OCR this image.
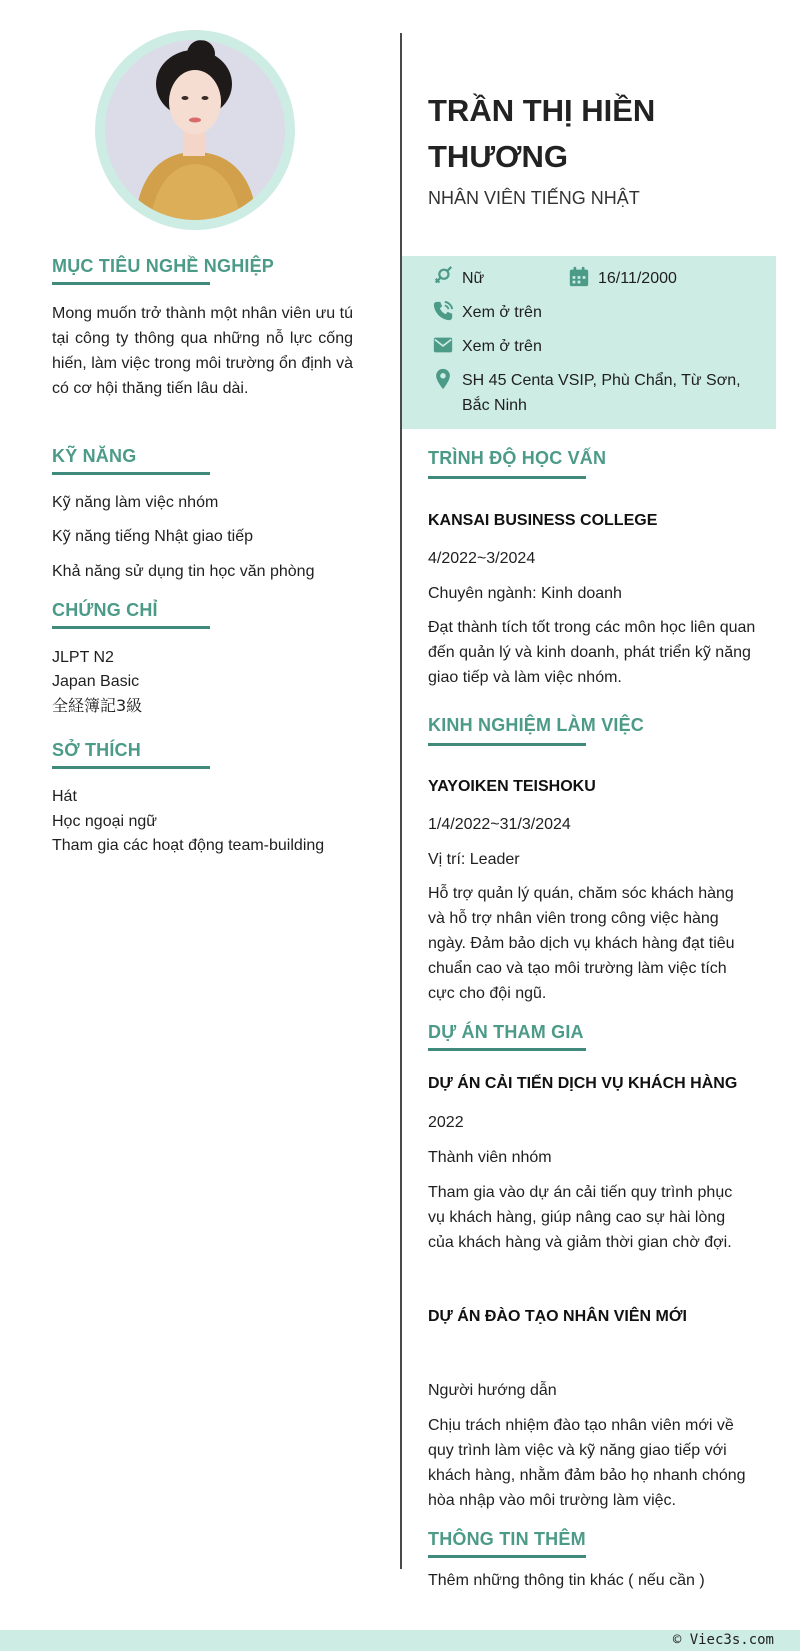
MỤC TIÊU NGHỀ NGHIỆP
Mong muốn trở thành một nhân viên ưu tú tại công ty thông qua những nỗ lực cống hiến, làm việc trong môi trường ổn định và có cơ hội thăng tiến lâu dài.
KỸ NĂNG
Kỹ năng làm việc nhóm
Kỹ năng tiếng Nhật giao tiếp
Khả năng sử dụng tin học văn phòng
CHỨNG CHỈ
JLPT N2
Japan Basic
全経簿記3級
SỞ THÍCH
Hát
Học ngoại ngữ
Tham gia các hoạt động team-building
TRẦN THỊ HIỀN THƯƠNG
NHÂN VIÊN TIẾNG NHẬT
Nữ	16/11/2000
Xem ở trên
Xem ở trên
SH 45 Centa VSIP, Phù Chẩn, Từ Sơn, Bắc Ninh
TRÌNH ĐỘ HỌC VẤN
KANSAI BUSINESS COLLEGE
4/2022~3/2024
Chuyên ngành: Kinh doanh
Đạt thành tích tốt trong các môn học liên quan đến quản lý và kinh doanh, phát triển kỹ năng giao tiếp và làm việc nhóm.
KINH NGHIỆM LÀM VIỆC
YAYOIKEN TEISHOKU
1/4/2022~31/3/2024
Vị trí: Leader
Hỗ trợ quản lý quán, chăm sóc khách hàng và hỗ trợ nhân viên trong công việc hàng ngày. Đảm bảo dịch vụ khách hàng đạt tiêu chuẩn cao và tạo môi trường làm việc tích cực cho đội ngũ.
DỰ ÁN THAM GIA
DỰ ÁN CẢI TIẾN DỊCH VỤ KHÁCH HÀNG
2022
Thành viên nhóm
Tham gia vào dự án cải tiến quy trình phục vụ khách hàng, giúp nâng cao sự hài lòng của khách hàng và giảm thời gian chờ đợi.
DỰ ÁN ĐÀO TẠO NHÂN VIÊN MỚI
Người hướng dẫn
Chịu trách nhiệm đào tạo nhân viên mới về quy trình làm việc và kỹ năng giao tiếp với khách hàng, nhằm đảm bảo họ nhanh chóng hòa nhập vào môi trường làm việc.
THÔNG TIN THÊM
Thêm những thông tin khác ( nếu cần )
© Viec3s.com
